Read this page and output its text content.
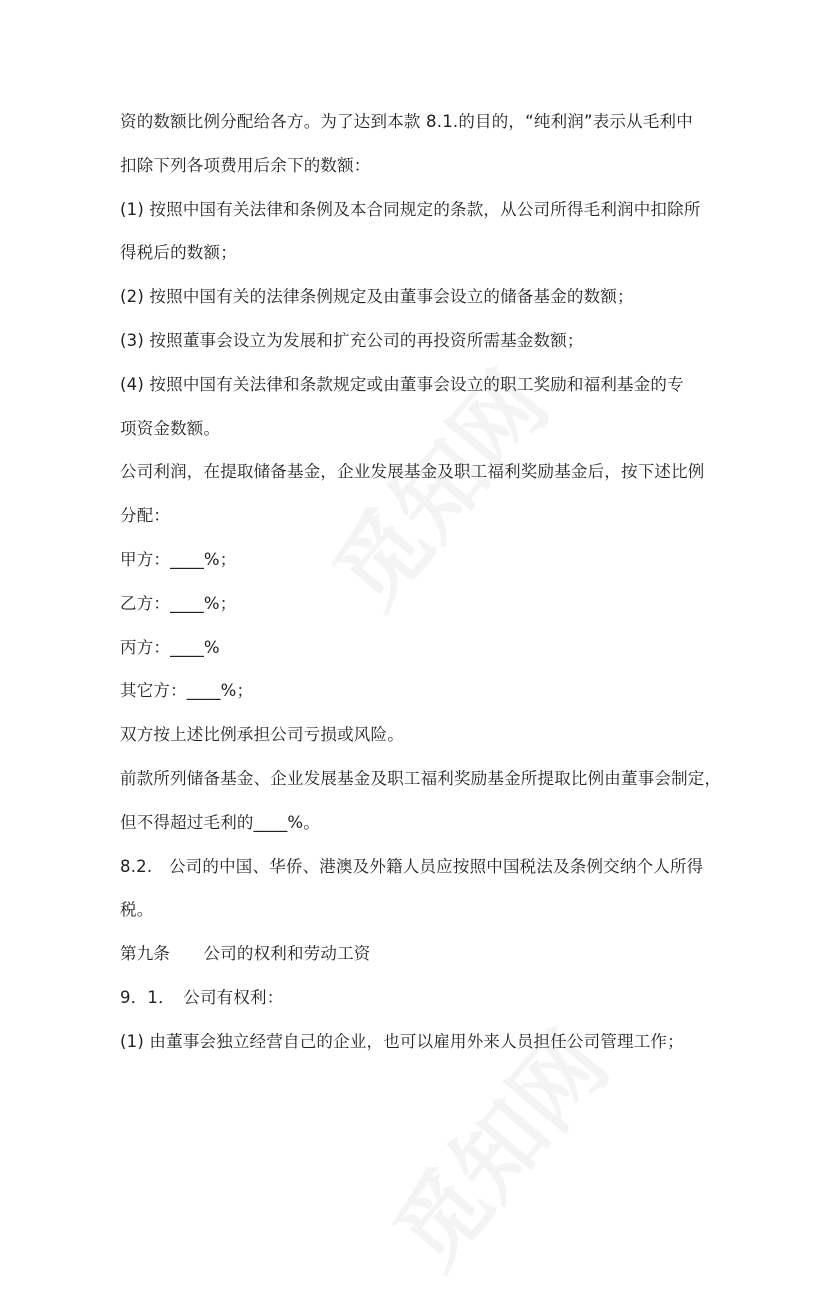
资的数额比例分配给各方。为了达到本款 8.1.的目的，“纯利润”表示从毛利中
扣除下列各项费用后余下的数额：
(1) 按照中国有关法律和条例及本合同规定的条款，从公司所得毛利润中扣除所
得税后的数额；
(2) 按照中国有关的法律条例规定及由董事会设立的储备基金的数额；
(3) 按照董事会设立为发展和扩充公司的再投资所需基金数额；
(4) 按照中国有关法律和条款规定或由董事会设立的职工奖励和福利基金的专
项资金数额。
公司利润，在提取储备基金，企业发展基金及职工福利奖励基金后，按下述比例
分配：
甲方：____%；
乙方：____%；
丙方：____%
其它方：____%；
双方按上述比例承担公司亏损或风险。
前款所列储备基金、企业发展基金及职工福利奖励基金所提取比例由董事会制定，
但不得超过毛利的____%。
8.2.　公司的中国、华侨、港澳及外籍人员应按照中国税法及条例交纳个人所得
税。
第九条　　公司的权利和劳动工资
9．1．　公司有权利：
(1) 由董事会独立经营自己的企业，也可以雇用外来人员担任公司管理工作；
